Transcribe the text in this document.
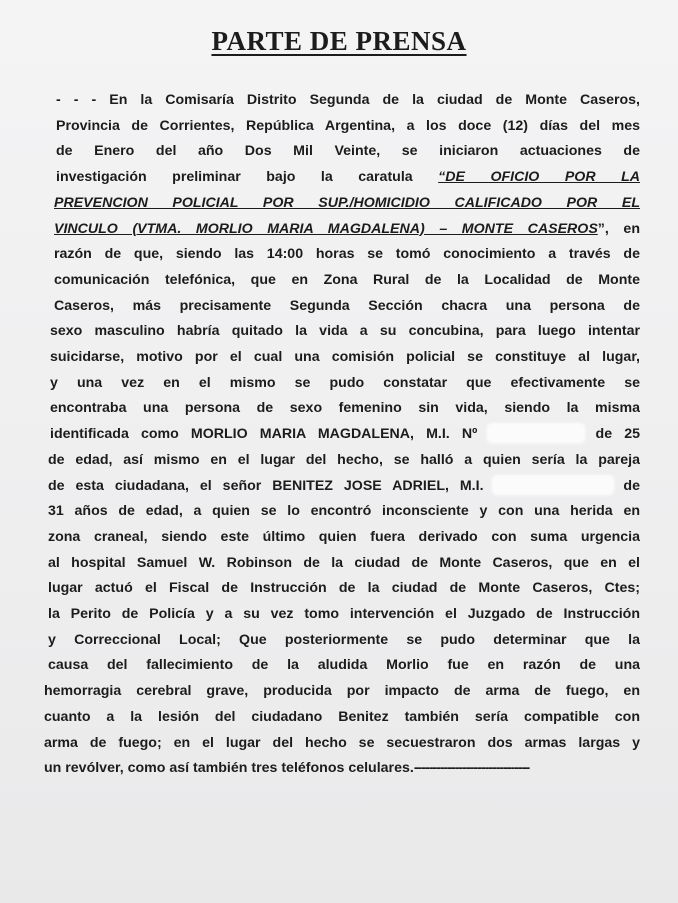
PARTE DE PRENSA
- - - En la Comisaría Distrito Segunda de la ciudad de Monte Caseros,
Provincia de Corrientes, República Argentina, a los doce (12) días del mes
de Enero del año Dos Mil Veinte, se iniciaron actuaciones de
investigación preliminar bajo la caratula “DE OFICIO POR LA
PREVENCION POLICIAL POR SUP./HOMICIDIO CALIFICADO POR EL
VINCULO (VTMA. MORLIO MARIA MAGDALENA) – MONTE CASEROS”, en
razón de que, siendo las 14:00 horas se tomó conocimiento a través de
comunicación telefónica, que en Zona Rural de la Localidad de Monte
Caseros, más precisamente Segunda Sección chacra una persona de
sexo masculino habría quitado la vida a su concubina, para luego intentar
suicidarse, motivo por el cual una comisión policial se constituye al lugar,
y una vez en el mismo se pudo constatar que efectivamente se
encontraba una persona de sexo femenino sin vida, siendo la misma
identificada como MORLIO MARIA MAGDALENA, M.I. Nº	de 25
de edad, así mismo en el lugar del hecho, se halló a quien sería la pareja
de esta ciudadana, el señor BENITEZ JOSE ADRIEL, M.I.	de
31 años de edad, a quien se lo encontró inconsciente y con una herida en
zona craneal, siendo este último quien fuera derivado con suma urgencia
al hospital Samuel W. Robinson de la ciudad de Monte Caseros, que en el
lugar actuó el Fiscal de Instrucción de la ciudad de Monte Caseros, Ctes;
la Perito de Policía y a su vez tomo intervención el Juzgado de Instrucción
y Correccional Local; Que posteriormente se pudo determinar que la
causa del fallecimiento de la aludida Morlio fue en razón de una
hemorragia cerebral grave, producida por impacto de arma de fuego, en
cuanto a la lesión del ciudadano Benitez también sería compatible con
arma de fuego; en el lugar del hecho se secuestraron dos armas largas y
un revólver, como así también tres teléfonos celulares.-------------------------------
